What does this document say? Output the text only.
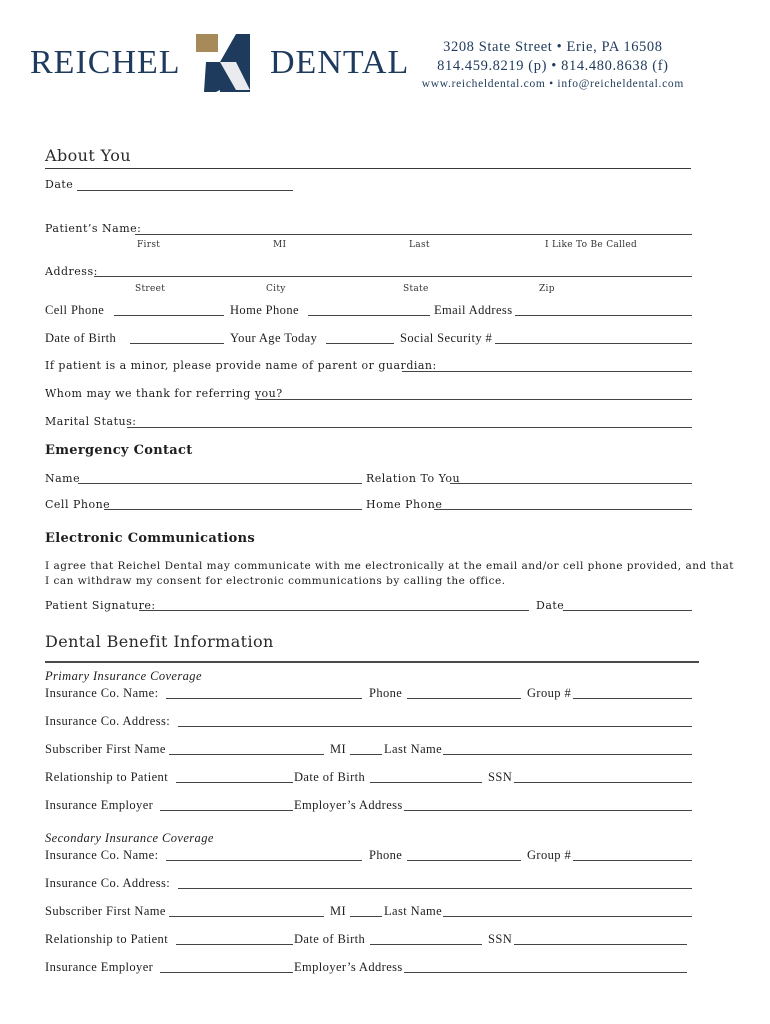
REICHEL	DENTAL	3208 State Street • Erie, PA 16508
814.459.8219 (p) • 814.480.8638 (f)
www.reicheldental.com • info@reicheldental.com
About You
Date
Patient’s Name:
First	MI	Last	I Like To Be Called
Address:
Street	City	State	Zip
Cell Phone	Home Phone	Email Address
Date of Birth	Your Age Today	Social Security #
If patient is a minor, please provide name of parent or guardian:
Whom may we thank for referring you?
Marital Status:
Emergency Contact
Name	Relation To You
Cell Phone	Home Phone
Electronic Communications
I agree that Reichel Dental may communicate with me electronically at the email and/or cell phone provided, and that I can withdraw my consent for electronic communications by calling the office.
Patient Signature:	Date
Dental Benefit Information
Primary Insurance Coverage
Insurance Co. Name:	Phone	Group #
Insurance Co. Address:
Subscriber First Name	MI	Last Name
Relationship to Patient	Date of Birth	SSN
Insurance Employer	Employer’s Address
Secondary Insurance Coverage
Insurance Co. Name:	Phone	Group #
Insurance Co. Address:
Subscriber First Name	MI	Last Name
Relationship to Patient	Date of Birth	SSN
Insurance Employer	Employer’s Address
